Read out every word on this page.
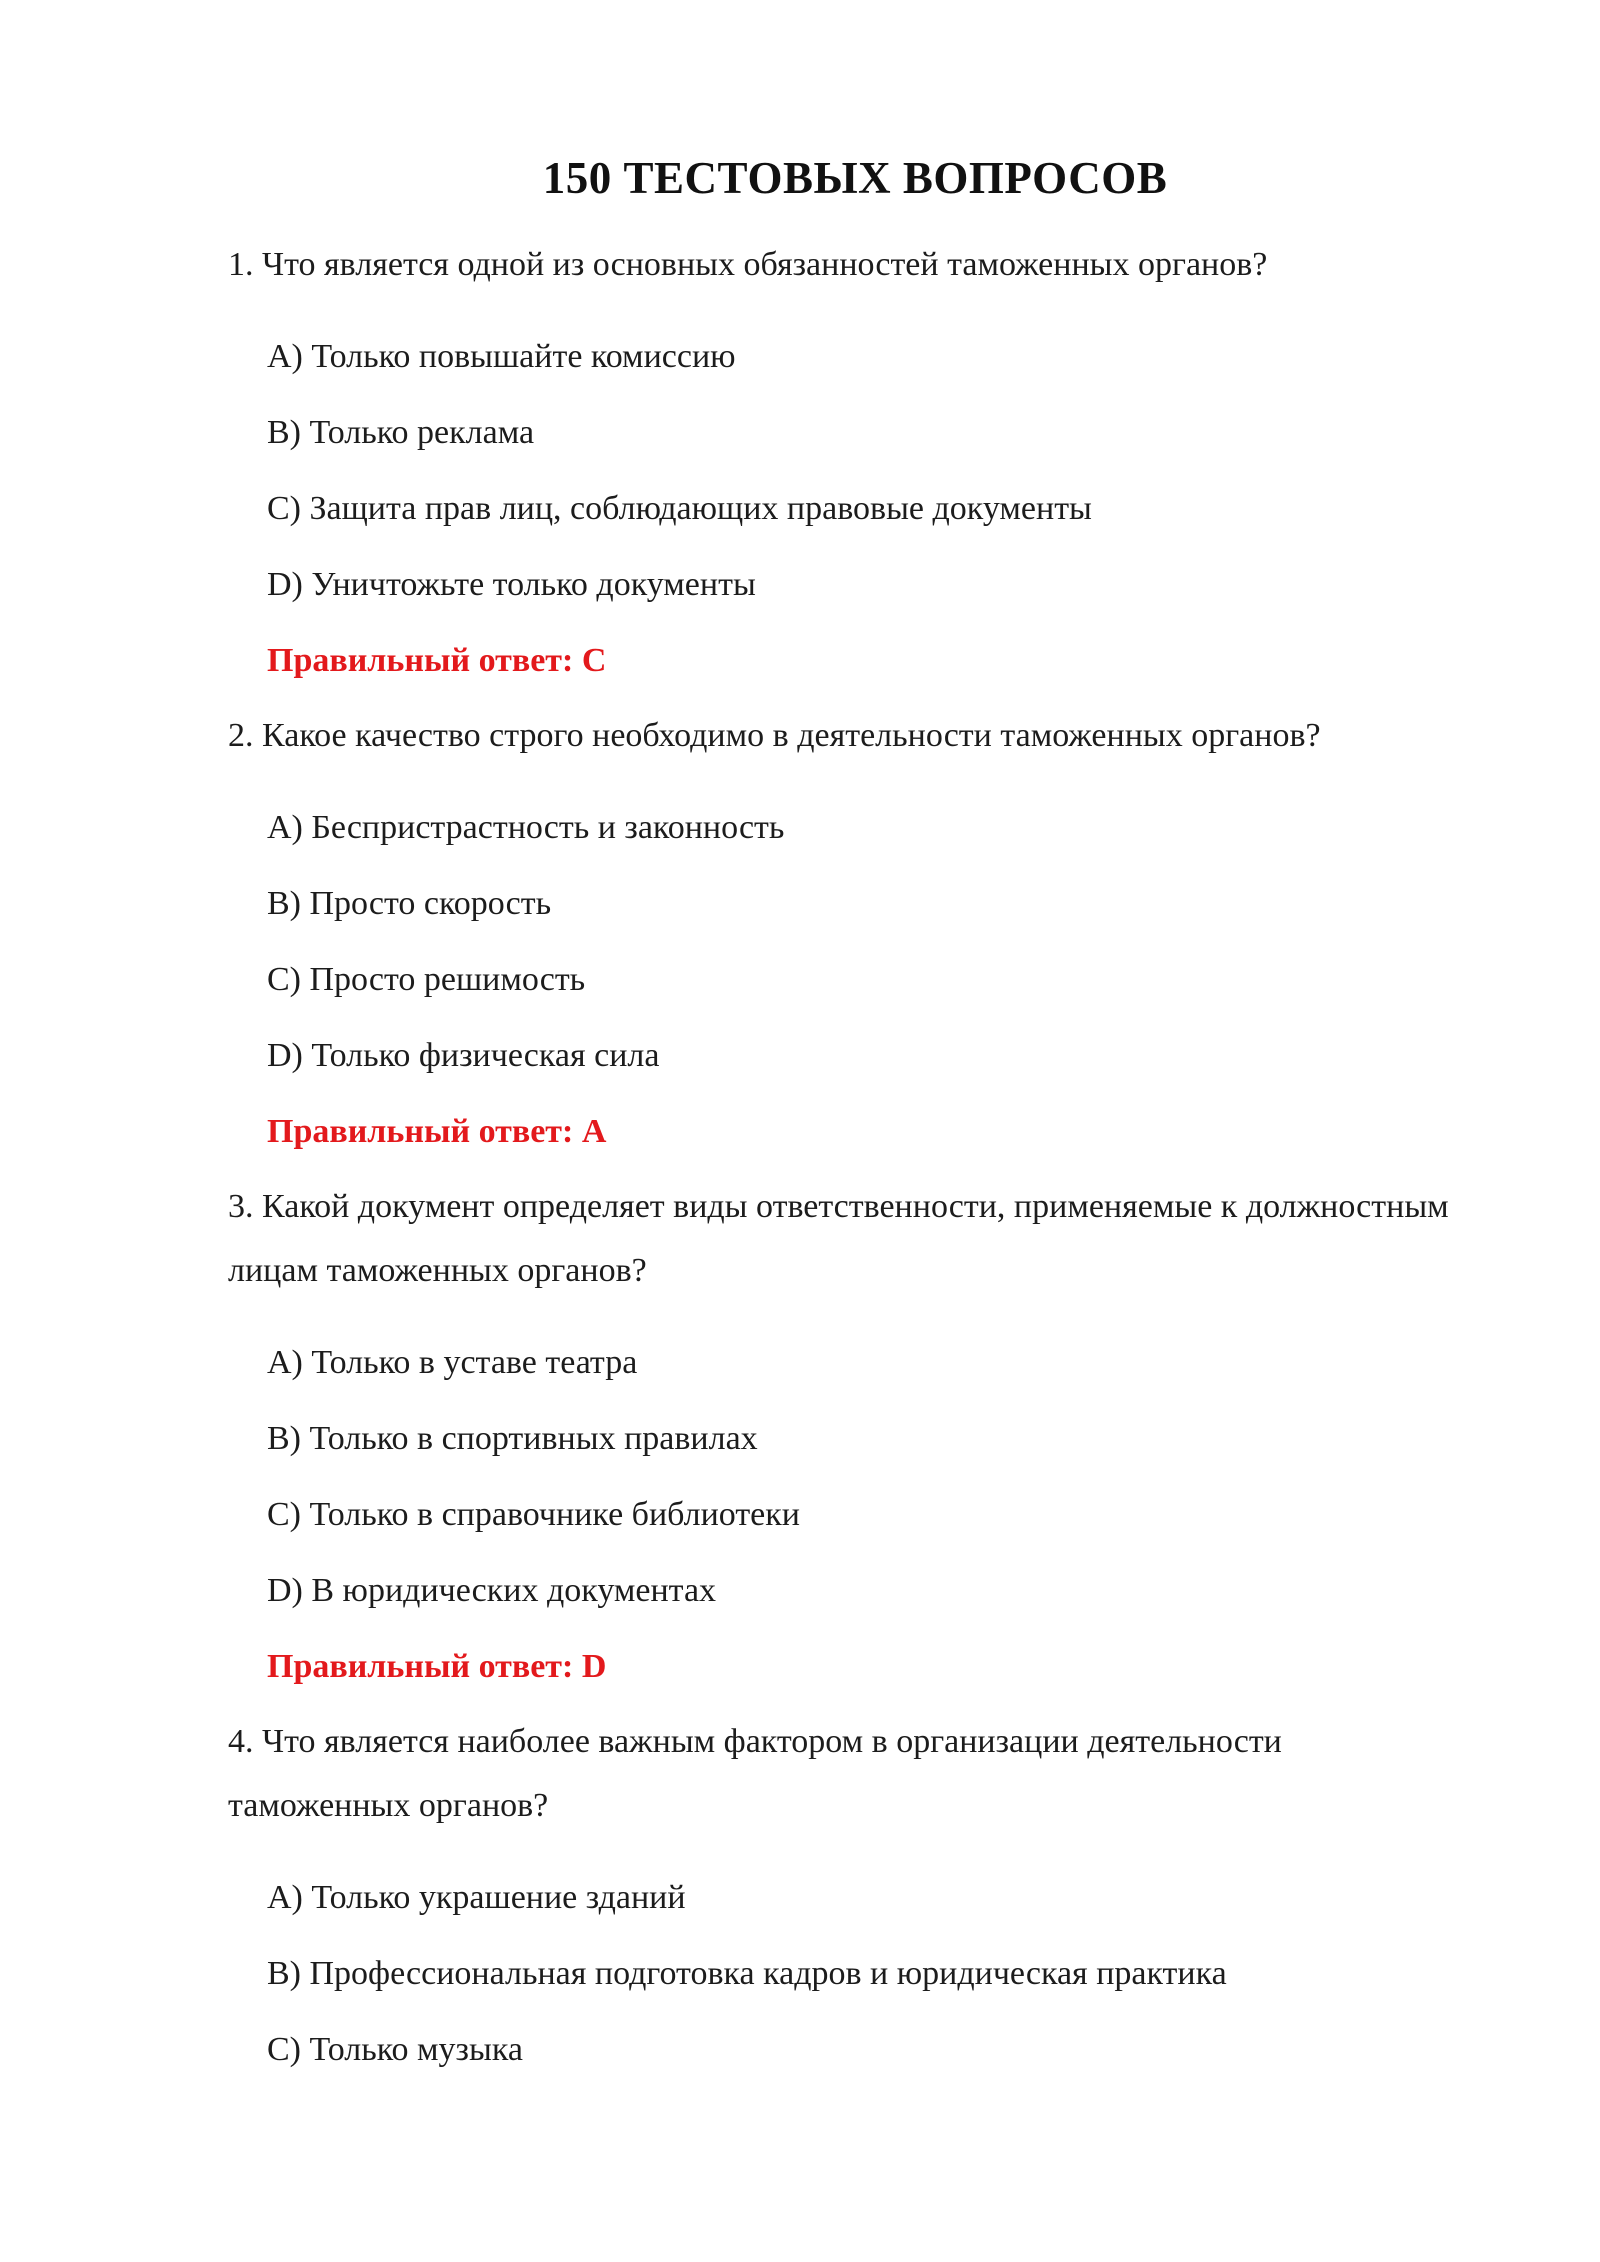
150 ТЕСТОВЫХ ВОПРОСОВ
1. Что является одной из основных обязанностей таможенных органов?
A) Только повышайте комиссию
B) Только реклама
C) Защита прав лиц, соблюдающих правовые документы
D) Уничтожьте только документы
Правильный ответ: C
2. Какое качество строго необходимо в деятельности таможенных органов?
A) Беспристрастность и законность
B) Просто скорость
C) Просто решимость
D) Только физическая сила
Правильный ответ: A
3. Какой документ определяет виды ответственности, применяемые к должностным лицам таможенных органов?
A) Только в уставе театра
B) Только в спортивных правилах
C) Только в справочнике библиотеки
D) В юридических документах
Правильный ответ: D
4. Что является наиболее важным фактором в организации деятельности таможенных органов?
A) Только украшение зданий
B) Профессиональная подготовка кадров и юридическая практика
C) Только музыка
